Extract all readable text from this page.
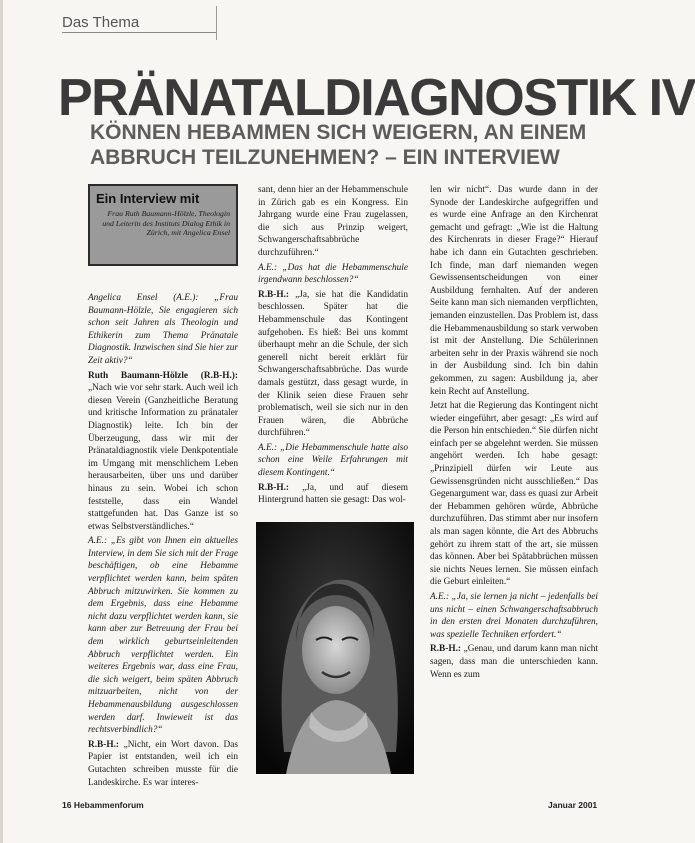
Das Thema
PRÄNATALDIAGNOSTIK IV
KÖNNEN HEBAMMEN SICH WEIGERN, AN EINEM ABBRUCH TEILZUNEHMEN? – EIN INTERVIEW
Ein Interview mit
Frau Ruth Baumann-Hölzle, Theologin und Leiterin des Instituts Dialog Ethik in Zürich, mit Angelica Ensel

Angelica Ensel (A.E.): „Frau Baumann-Hölzle, Sie engagieren sich schon seit Jahren als Theologin und Ethikerin zum Thema Pränatale Diagnostik. Inzwischen sind Sie hier zur Zeit aktiv?“

Ruth Baumann-Hölzle (R.B-H.): „Nach wie vor sehr stark. Auch weil ich diesen Verein (Ganzheitliche Beratung und kritische Information zu pränataler Diagnostik) leite. Ich bin der Überzeugung, dass wir mit der Pränataldiagnostik viele Denkpotentiale im Umgang mit menschlichem Leben herausarbeiten, über uns und darüber hinaus zu sein. Wobei ich schon feststelle, dass ein Wandel stattgefunden hat. Das Ganze ist so etwas Selbstverständliches.“

A.E.: „Es gibt von Ihnen ein aktuelles Interview, in dem Sie sich mit der Frage beschäftigen, ob eine Hebamme verpflichtet werden kann, beim späten Abbruch mitzuwirken. Sie kommen zu dem Ergebnis, dass eine Hebamme nicht dazu verpflichtet werden kann, sie kann aber zur Betreuung der Frau bei dem wirklich geburtseinleitenden Abbruch verpflichtet werden. Ein weiteres Ergebnis war, dass eine Frau, die sich weigert, beim späten Abbruch mitzuarbeiten, nicht von der Hebammenausbildung ausgeschlossen werden darf. Inwieweit ist das rechtsverbindlich?“

R.B-H.: „Nicht, ein Wort davon. Das Papier ist entstanden, weil ich ein Gutachten schreiben musste für die Landeskirche. Es war interes-

sant, denn hier an der Hebammenschule in Zürich gab es ein Kongress. Ein Jahrgang wurde eine Frau zugelassen, die sich aus Prinzip weigert, Schwangerschaftsabbrüche durchzuführen.“

A.E.: „Das hat die Hebammenschule irgendwann beschlossen?“

R.B-H.: „Ja, sie hat die Kandidatin beschlossen. Später hat die Hebammenschule das Kontingent aufgehoben. Es hieß: Bei uns kommt überhaupt mehr an die Schule, der sich generell nicht bereit erklärt für Schwangerschaftsabbrüche. Das wurde damals gestützt, dass gesagt wurde, in der Klinik seien diese Frauen sehr problematisch, weil sie sich nur in den Frauen wären, die Abbrüche durchführen.“

A.E.: „Die Hebammenschule hatte also schon eine Weile Erfahrungen mit diesem Kontingent.“

R.B-H.: „Ja, und auf diesem Hintergrund hatten sie gesagt: Das wol-

len wir nicht“. Das wurde dann in der Synode der Landeskirche aufgegriffen und es wurde eine Anfrage an den Kirchenrat gemacht und gefragt: „Wie ist die Haltung des Kirchenrats in dieser Frage?“ Hierauf habe ich dann ein Gutachten geschrieben. Ich finde, man darf niemanden wegen Gewissensentscheidungen von einer Ausbildung fernhalten. Auf der anderen Seite kann man sich niemanden verpflichten, jemanden einzustellen. Das Problem ist, dass die Hebammenausbildung so stark verwoben ist mit der Anstellung. Die Schülerinnen arbeiten sehr in der Praxis während sie noch in der Ausbildung sind. Ich bin dahin gekommen, zu sagen: Ausbildung ja, aber kein Recht auf Anstellung.

Jetzt hat die Regierung das Kontingent nicht wieder eingeführt, aber gesagt: „Es wird auf die Person hin entschieden.“ Sie dürfen nicht einfach per se abgelehnt werden. Sie müssen angehört werden. Ich habe gesagt: „Prinzipiell dürfen wir Leute aus Gewissensgründen nicht ausschließen.“ Das Gegenargument war, dass es quasi zur Arbeit der Hebammen gehören würde, Abbrüche durchzuführen. Das stimmt aber nur insofern als man sagen könnte, die Art des Abbruchs gehört zu ihrem statt of the art, sie müssen das können. Aber bei Spätabbrüchen müssen sie nichts Neues lernen. Sie müssen einfach die Geburt einleiten.“

A.E.: „Ja, sie lernen ja nicht – jedenfalls bei uns nicht – einen Schwangerschaftsabbruch in den ersten drei Monaten durchzuführen, was spezielle Techniken erfordert.“

R.B-H.: „Genau, und darum kann man nicht sagen, dass man die unterschieden kann. Wenn es zum

16 Hebammenforum	Januar 2001
